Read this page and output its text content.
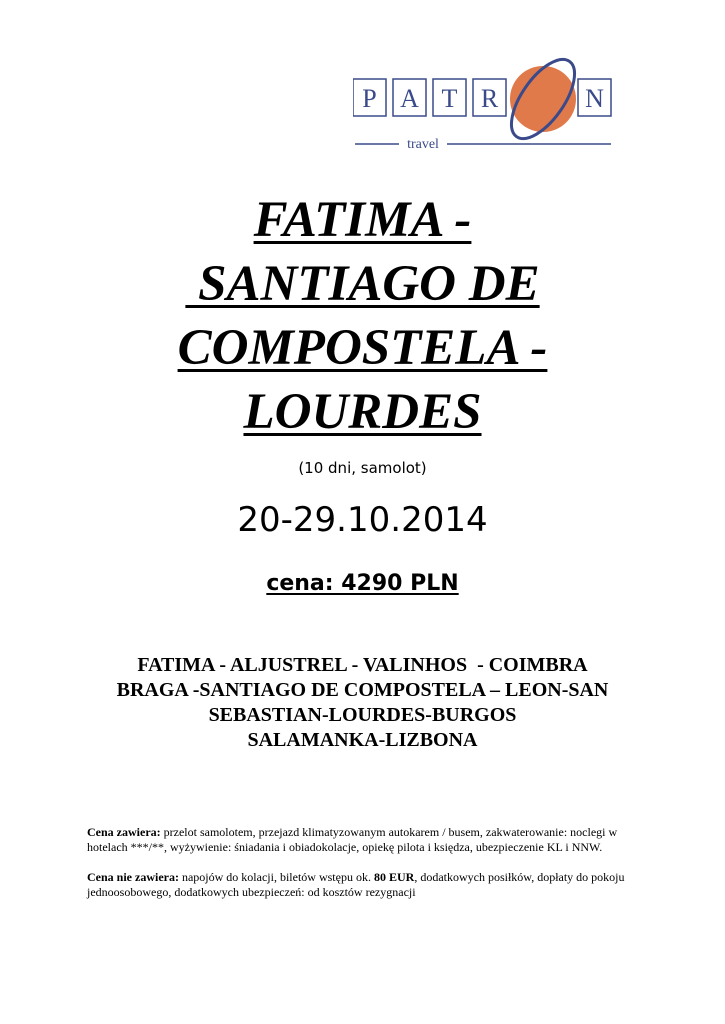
P A T R	N
travel
FATIMA -
SANTIAGO DE
COMPOSTELA -
LOURDES
(10 dni, samolot)
20-29.10.2014
cena: 4290 PLN
FATIMA - ALJUSTREL - VALINHOS  - COIMBRA
BRAGA -SANTIAGO DE COMPOSTELA – LEON-SAN
SEBASTIAN-LOURDES-BURGOS
SALAMANKA-LIZBONA

Cena zawiera: przelot samolotem, przejazd klimatyzowanym autokarem / busem, zakwaterowanie: noclegi w hotelach ***/**, wyżywienie: śniadania i obiadokolacje, opiekę pilota i księdza, ubezpieczenie KL i NNW.

Cena nie zawiera: napojów do kolacji, biletów wstępu ok. 80 EUR, dodatkowych posiłków, dopłaty do pokoju jednoosobowego, dodatkowych ubezpieczeń: od kosztów rezygnacji
